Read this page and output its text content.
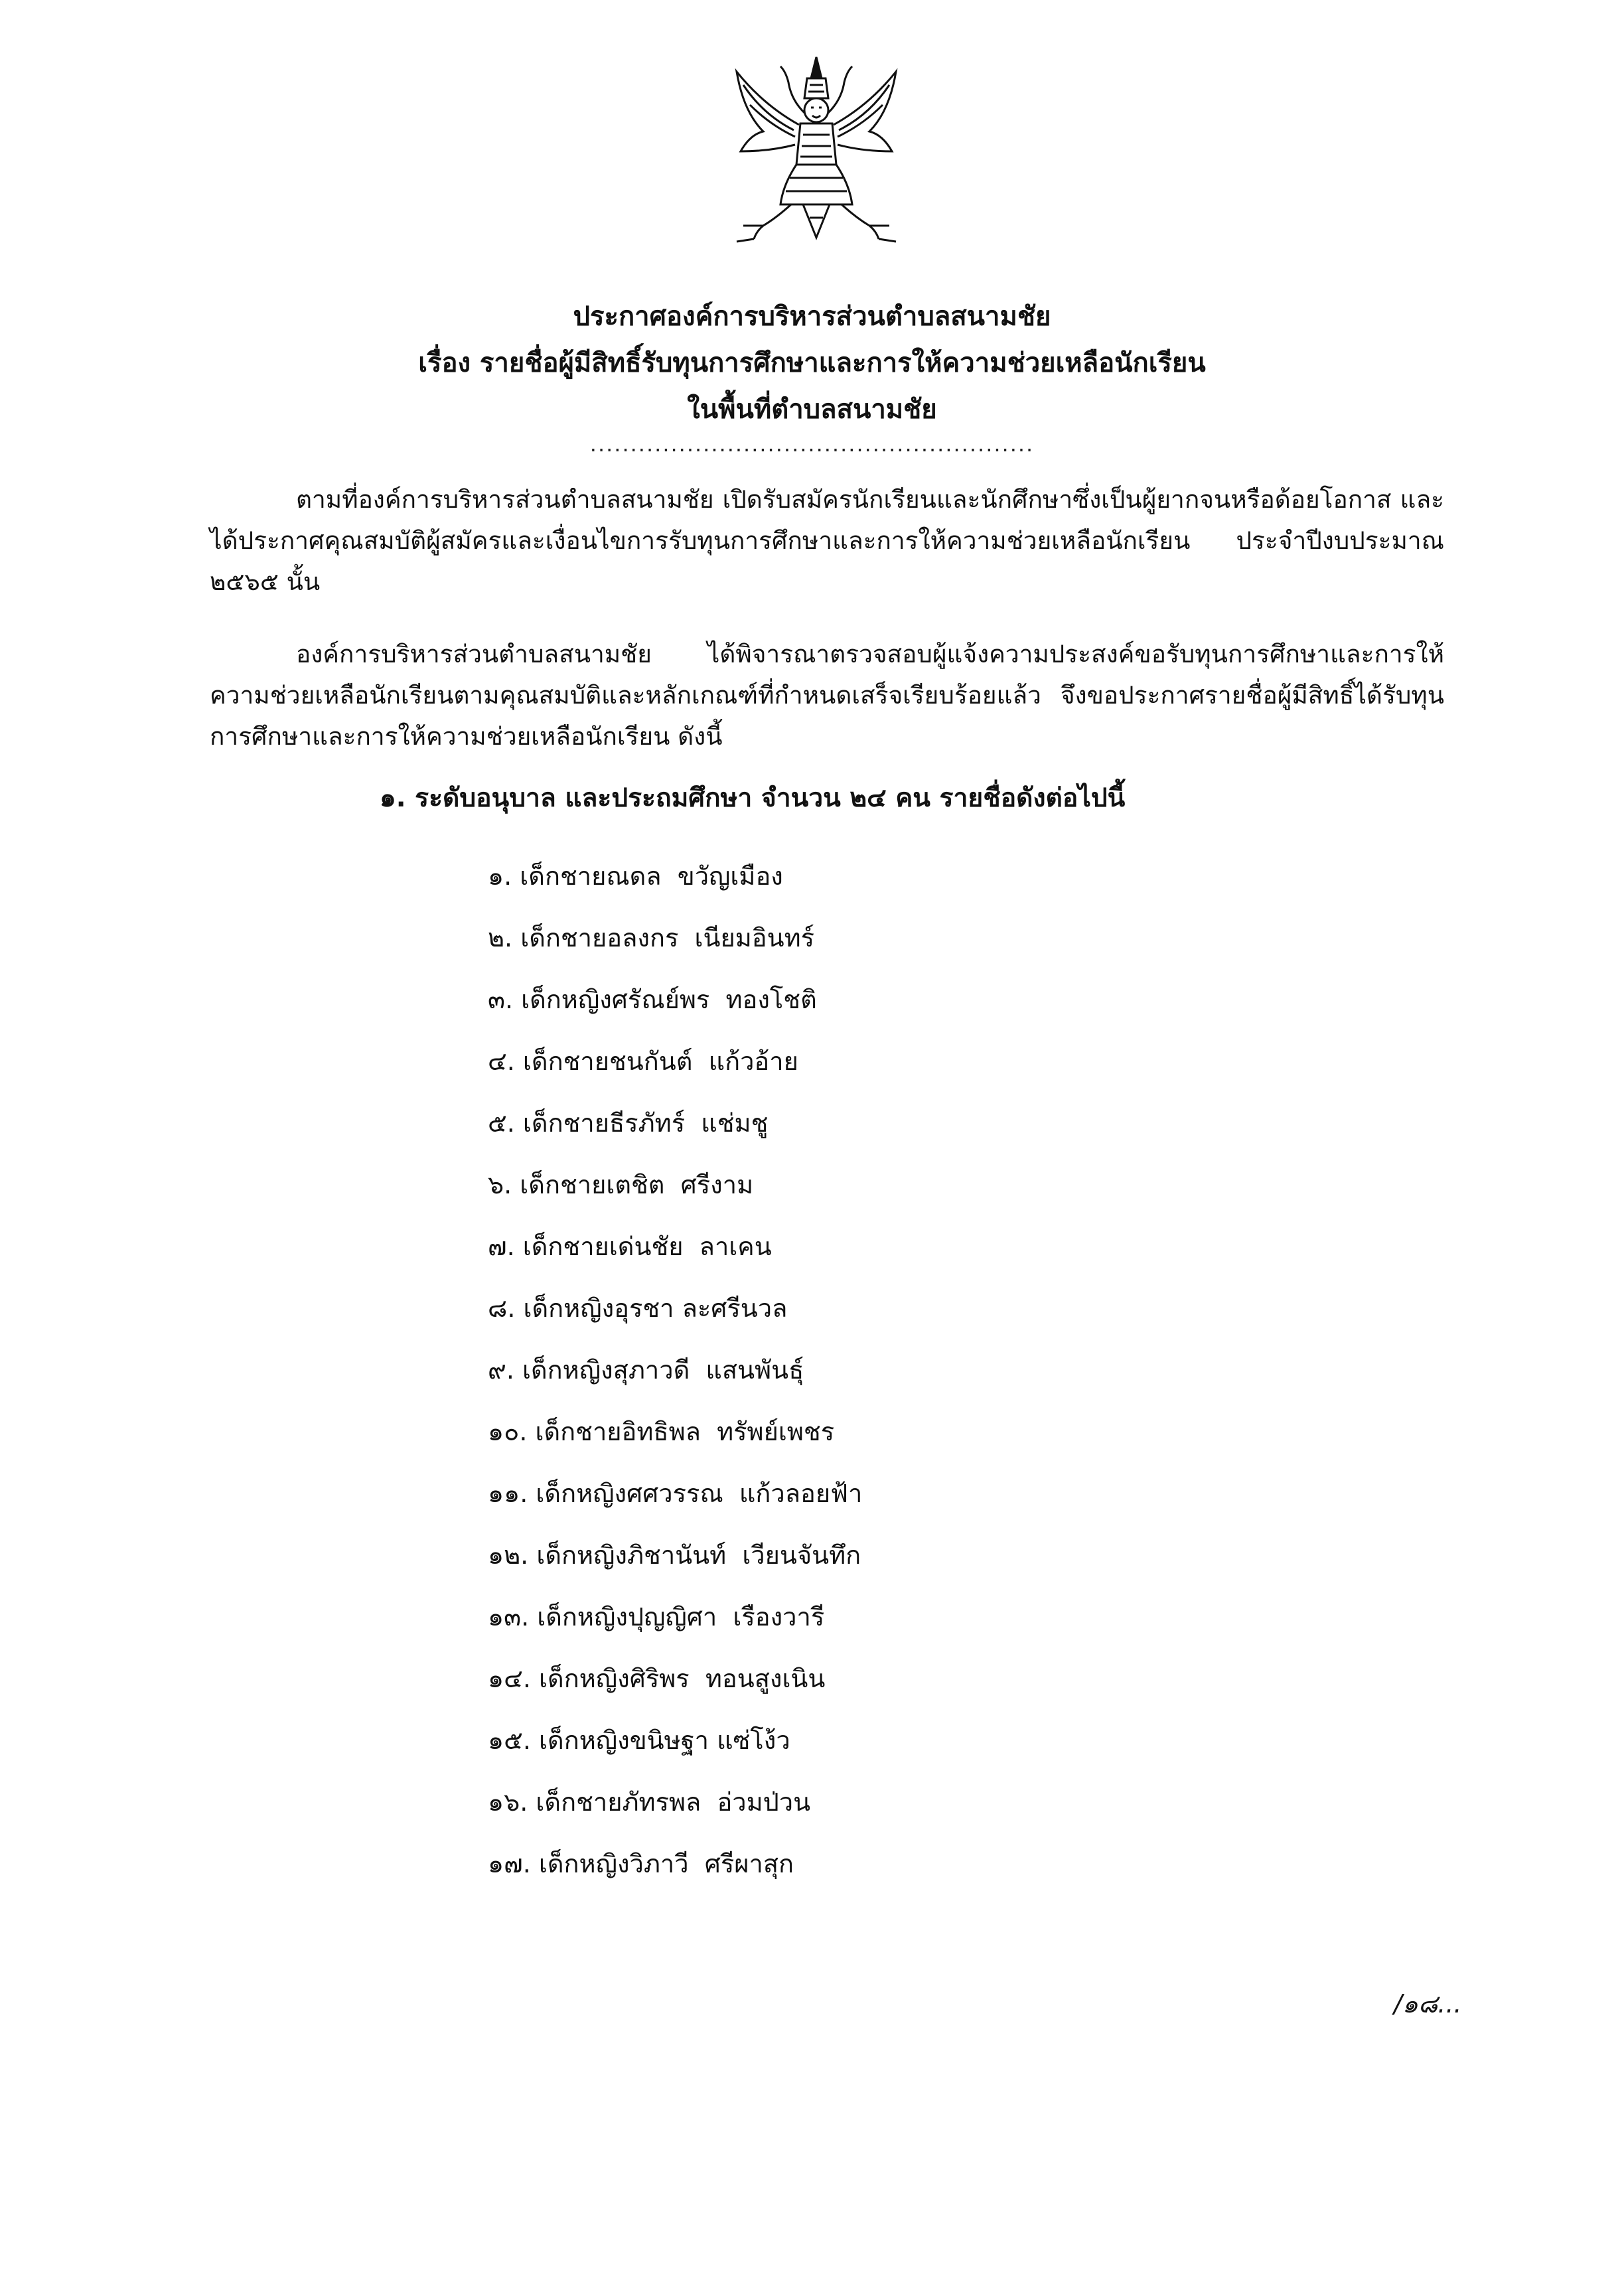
ประกาศองค์การบริหารส่วนตำบลสนามชัย
เรื่อง รายชื่อผู้มีสิทธิ์รับทุนการศึกษาและการให้ความช่วยเหลือนักเรียน
ในพื้นที่ตำบลสนามชัย
.......................................................
ตามที่องค์การบริหารส่วนตำบลสนามชัย เปิดรับสมัครนักเรียนและนักศึกษาซึ่งเป็นผู้ยากจนหรือด้อยโอกาส และได้ประกาศคุณสมบัติผู้สมัครและเงื่อนไขการรับทุนการศึกษาและการให้ความช่วยเหลือนักเรียน ประจำปีงบประมาณ ๒๕๖๕ นั้น
องค์การบริหารส่วนตำบลสนามชัย ได้พิจารณาตรวจสอบผู้แจ้งความประสงค์ขอรับทุนการศึกษาและการให้ความช่วยเหลือนักเรียนตามคุณสมบัติและหลักเกณฑ์ที่กำหนดเสร็จเรียบร้อยแล้ว จึงขอประกาศรายชื่อผู้มีสิทธิ์ได้รับทุนการศึกษาและการให้ความช่วยเหลือนักเรียน ดังนี้
๑. ระดับอนุบาล และประถมศึกษา จำนวน ๒๔ คน รายชื่อดังต่อไปนี้
๑. เด็กชายณดล  ขวัญเมือง
๒. เด็กชายอลงกร  เนียมอินทร์
๓. เด็กหญิงศรัณย์พร  ทองโชติ
๔. เด็กชายชนกันต์  แก้วอ้าย
๕. เด็กชายธีรภัทร์  แช่มชู
๖. เด็กชายเตชิต  ศรีงาม
๗. เด็กชายเด่นชัย  ลาเคน
๘. เด็กหญิงอุรชา ละศรีนวล
๙. เด็กหญิงสุภาวดี  แสนพันธุ์
๑๐. เด็กชายอิทธิพล  ทรัพย์เพชร
๑๑. เด็กหญิงศศวรรณ  แก้วลอยฟ้า
๑๒. เด็กหญิงภิชานันท์  เวียนจันทึก
๑๓. เด็กหญิงปุญญิศา  เรืองวารี
๑๔. เด็กหญิงศิริพร  ทอนสูงเนิน
๑๕. เด็กหญิงขนิษฐา แซ่โง้ว
๑๖. เด็กชายภัทรพล  อ่วมป่วน
๑๗. เด็กหญิงวิภาวี  ศรีผาสุก
/๑๘...
